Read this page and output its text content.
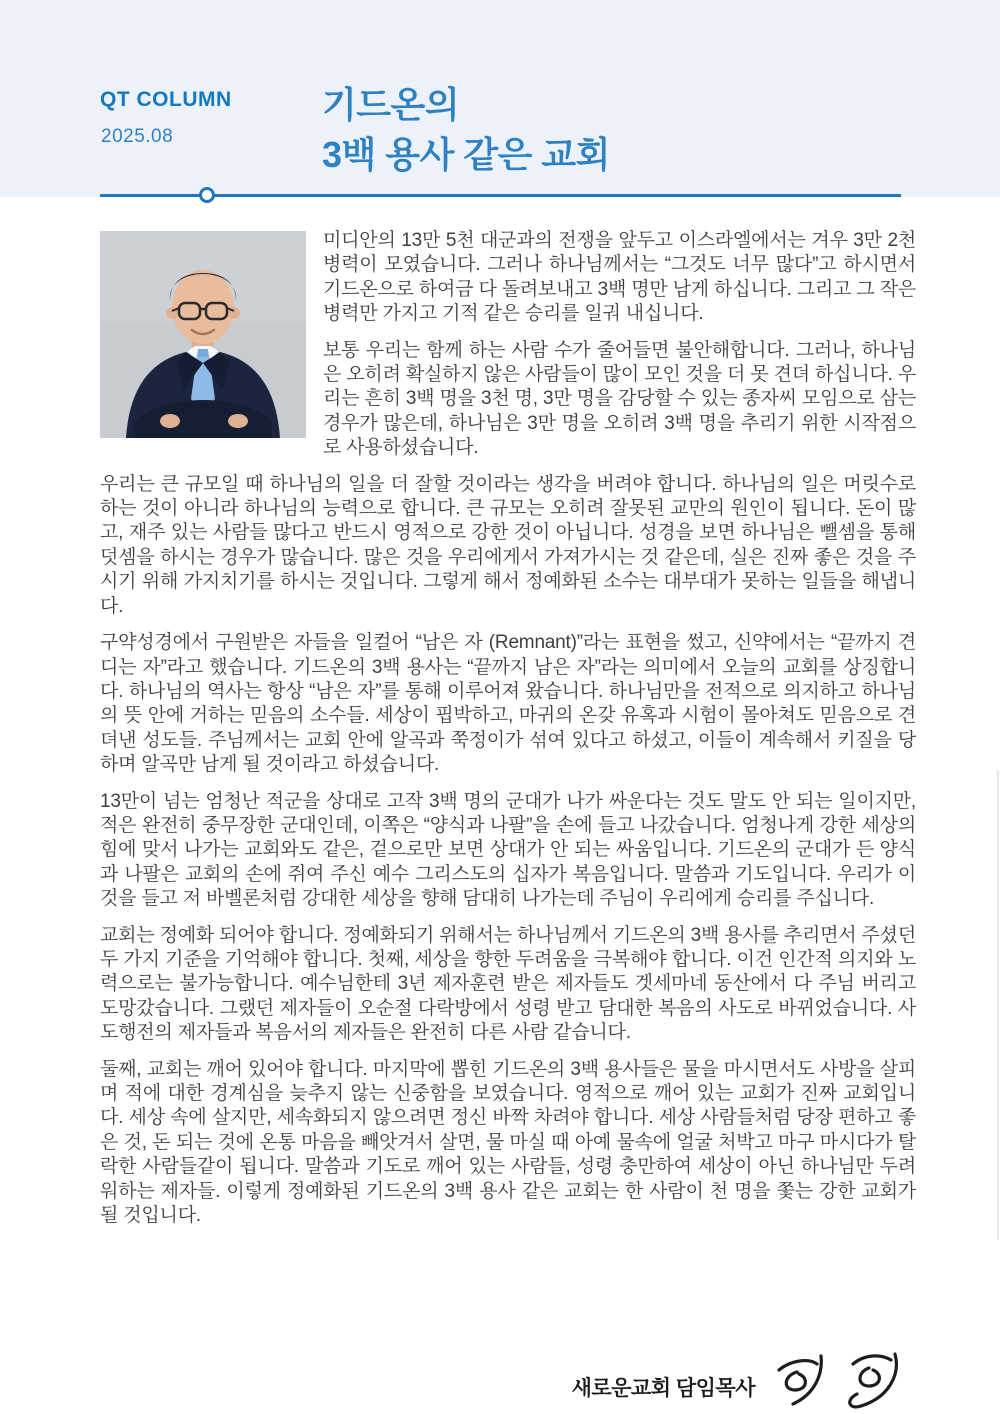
QT COLUMN
2025.08
기드온의
3백 용사 같은 교회

미디안의 13만 5천 대군과의 전쟁을 앞두고 이스라엘에서는 겨우 3만 2천 병력이 모였습니다. 그러나 하나님께서는 “그것도 너무 많다”고 하시면서 기드온으로 하여금 다 돌려보내고 3백 명만 남게 하십니다. 그리고 그 작은 병력만 가지고 기적 같은 승리를 일궈 내십니다.

보통 우리는 함께 하는 사람 수가 줄어들면 불안해합니다. 그러나, 하나님은 오히려 확실하지 않은 사람들이 많이 모인 것을 더 못 견뎌 하십니다. 우리는 흔히 3백 명을 3천 명, 3만 명을 감당할 수 있는 종자씨 모임으로 삼는 경우가 많은데, 하나님은 3만 명을 오히려 3백 명을 추리기 위한 시작점으로 사용하셨습니다.

우리는 큰 규모일 때 하나님의 일을 더 잘할 것이라는 생각을 버려야 합니다. 하나님의 일은 머릿수로 하는 것이 아니라 하나님의 능력으로 합니다. 큰 규모는 오히려 잘못된 교만의 원인이 됩니다. 돈이 많고, 재주 있는 사람들 많다고 반드시 영적으로 강한 것이 아닙니다. 성경을 보면 하나님은 뺄셈을 통해 덧셈을 하시는 경우가 많습니다. 많은 것을 우리에게서 가져가시는 것 같은데, 실은 진짜 좋은 것을 주시기 위해 가지치기를 하시는 것입니다. 그렇게 해서 정예화된 소수는 대부대가 못하는 일들을 해냅니다.

구약성경에서 구원받은 자들을 일컬어 “남은 자 (Remnant)”라는 표현을 썼고, 신약에서는 “끝까지 견디는 자”라고 했습니다. 기드온의 3백 용사는 “끝까지 남은 자”라는 의미에서 오늘의 교회를 상징합니다. 하나님의 역사는 항상 “남은 자”를 통해 이루어져 왔습니다. 하나님만을 전적으로 의지하고 하나님의 뜻 안에 거하는 믿음의 소수들. 세상이 핍박하고, 마귀의 온갖 유혹과 시험이 몰아쳐도 믿음으로 견뎌낸 성도들. 주님께서는 교회 안에 알곡과 쭉정이가 섞여 있다고 하셨고, 이들이 계속해서 키질을 당하며 알곡만 남게 될 것이라고 하셨습니다.

13만이 넘는 엄청난 적군을 상대로 고작 3백 명의 군대가 나가 싸운다는 것도 말도 안 되는 일이지만, 적은 완전히 중무장한 군대인데, 이쪽은 “양식과 나팔”을 손에 들고 나갔습니다. 엄청나게 강한 세상의 힘에 맞서 나가는 교회와도 같은, 겉으로만 보면 상대가 안 되는 싸움입니다. 기드온의 군대가 든 양식과 나팔은 교회의 손에 쥐여 주신 예수 그리스도의 십자가 복음입니다. 말씀과 기도입니다. 우리가 이것을 들고 저 바벨론처럼 강대한 세상을 향해 담대히 나가는데 주님이 우리에게 승리를 주십니다.

교회는 정예화 되어야 합니다. 정예화되기 위해서는 하나님께서 기드온의 3백 용사를 추리면서 주셨던 두 가지 기준을 기억해야 합니다. 첫째, 세상을 향한 두려움을 극복해야 합니다. 이건 인간적 의지와 노력으로는 불가능합니다. 예수님한테 3년 제자훈련 받은 제자들도 겟세마네 동산에서 다 주님 버리고 도망갔습니다. 그랬던 제자들이 오순절 다락방에서 성령 받고 담대한 복음의 사도로 바뀌었습니다. 사도행전의 제자들과 복음서의 제자들은 완전히 다른 사람 같습니다.

둘째, 교회는 깨어 있어야 합니다. 마지막에 뽑힌 기드온의 3백 용사들은 물을 마시면서도 사방을 살피며 적에 대한 경계심을 늦추지 않는 신중함을 보였습니다. 영적으로 깨어 있는 교회가 진짜 교회입니다. 세상 속에 살지만, 세속화되지 않으려면 정신 바짝 차려야 합니다. 세상 사람들처럼 당장 편하고 좋은 것, 돈 되는 것에 온통 마음을 빼앗겨서 살면, 물 마실 때 아예 물속에 얼굴 처박고 마구 마시다가 탈락한 사람들같이 됩니다. 말씀과 기도로 깨어 있는 사람들, 성령 충만하여 세상이 아닌 하나님만 두려워하는 제자들. 이렇게 정예화된 기드온의 3백 용사 같은 교회는 한 사람이 천 명을 쫓는 강한 교회가 될 것입니다.

새로운교회 담임목사
